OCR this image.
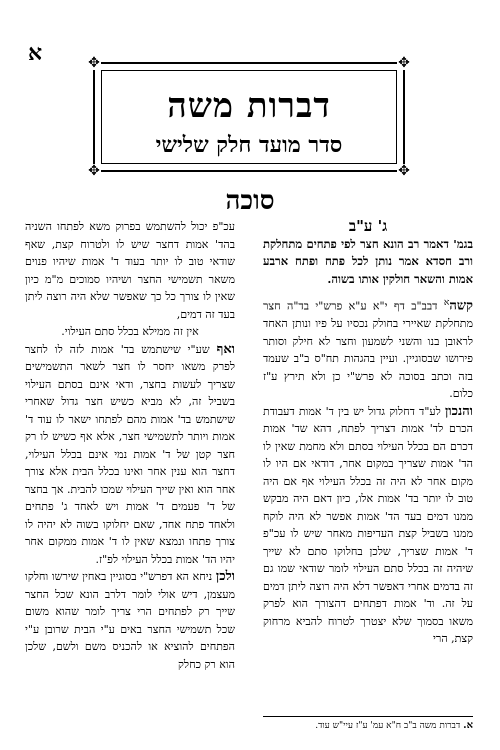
א	✥	✥
✥	✥
דברות משה
סדר מועד חלק שלישי
סוכה

ג' ע"ב

בגמ' דאמר רב הונא חצר לפי פתחים מתחלקת ורב חסדא אמר נותן לכל פתח ופתח ארבע אמות והשאר חולקין אותו בשוה.

קשה$^א$ דבב"ב דף י"א ע"א פרש"י בד"ה חצר מתחלקת שאיירי בחולק נכסיו על פיו ונותן האחד לראובן בנו והשני לשמעון וחצר לא חילק וסותר פירושו שבסוגיין. ועיין בהגהות תח"ס ב"ב שעמד בזה וכתב בסוכה לא פרש"י כן ולא תירץ ע"ז כלום.

והנכון לע"ד דחלוק גדול יש בין ד' אמות דעבודת הכרם לד' אמות דצריך לפתח, דהא שד' אמות דכרם הם בכלל העילוי בסתם ולא מחמת שאין לו הד' אמות שצריך במקום אחר, דודאי אם היו לו מקום אחר לא היה זה בכלל העילוי אף אם היה טוב לו יותר בד' אמות אלו, כיון דאם היה מבקש ממנו דמים בעד הד' אמות אפשר לא היה לוקח ממנו בשביל קצת העדיפות מאחר שיש לו עכ"פ ד' אמות שצריך, שלכן בחלוקו סתם לא שייך שיהיה זה בכלל סתם העילוי לומר שודאי שמו גם זה בדמים אחרי דאפשר דלא היה רוצה ליתן דמים על זה. וד' אמות דפתחים דהצורך הוא לפרק משאו בסמוך שלא יצטרך לטרוח להביא מרחוק קצת, הרי

עכ"פ יכול להשתמש בפרוק משא לפתחו השניה בהד' אמות דחצר שיש לו ולטרוח קצת, שאף שודאי טוב לו יותר בעוד ד' אמות שיהיו פנוים משאר תשמישי החצר ושיהיו סמוכים מ"מ כיון שאין לו צורך כל כך שאפשר שלא היה רוצה ליתן בעד זה דמים,

אין זה ממילא בכלל סתם העילוי.

ואף שע"י שישתמש בד' אמות לזה לו לחצר לפרק משאו יחסר לו חצר לשאר התשמישים שצריך לעשות בחצר, ודאי אינם בסתם העילוי בשביל זה, לא מביא כשיש חצר גדול שאחרי שישתמש בד' אמות מהם לפתחו ישאר לו עוד ד' אמות ויותר לתשמישי חצר, אלא אף כשיש לו רק חצר קטן של ד' אמות נמי אינם בכלל העילוי, דחצר הוא ענין אחר ואינו בכלל הבית אלא צורך אחר הוא ואין שייך העילוי שמכו להבית. אך בחצר של ד' פעמים ד' אמות ויש לאחד ג' פתחים ולאחד פתח אחד, שאם יחלוקו בשוה לא יהיה לו צורך פתחו ונמצא שאין לו ד' אמות ממקום אחר יהיו הד' אמות בכלל העילוי לפ"ז.

ולכן ניחא הא דפרש"י בסוגיין באחין שירשו וחלקו מעצמן, דיש אולי לומר דלרב הונא שכל החצר שייך רק לפתחים הרי צריך לומר שהוא משום שכל תשמישי החצר באים ע"י הבית שרובן ע"י הפתחים להוציא או להכניס משם ולשם, שלכן הוא רק כחלק

א. דברות משה ב"ב ח"א עמ' ע"ז עיי"ש עוד.
